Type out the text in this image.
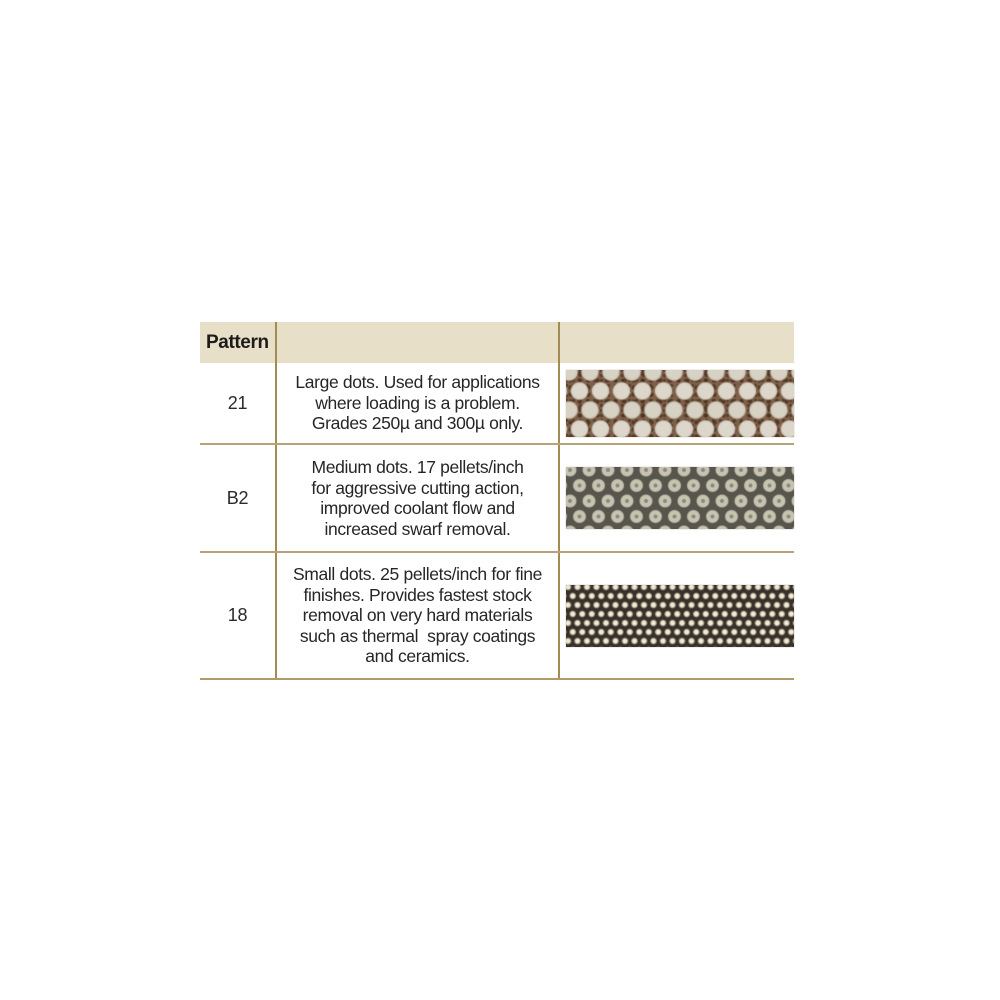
Pattern
21
Large dots. Used for applications
where loading is a problem.
Grades 250µ and 300µ only.
B2
Medium dots. 17 pellets/inch
for aggressive cutting action,
improved coolant flow and
increased swarf removal.
18
Small dots. 25 pellets/inch for fine
finishes. Provides fastest stock
removal on very hard materials
such as thermal  spray coatings
and ceramics.
